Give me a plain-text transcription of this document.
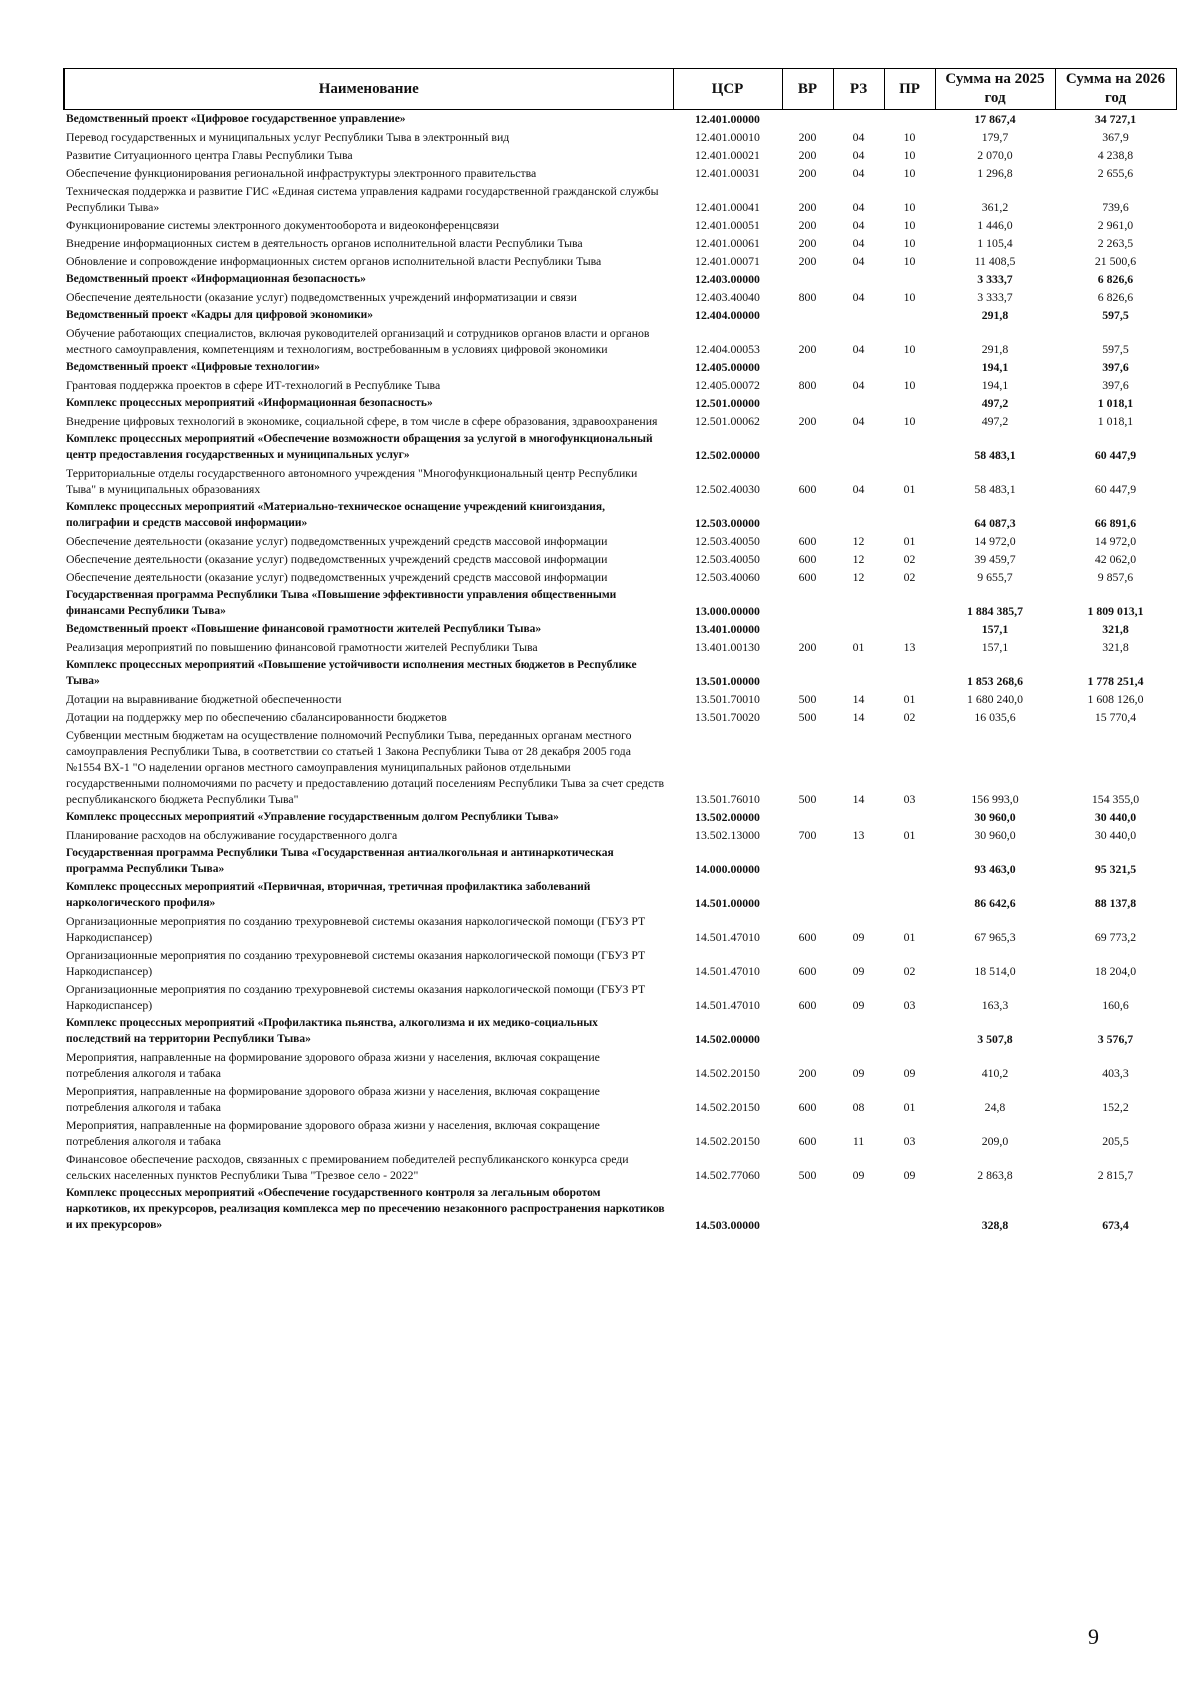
Наименование	ЦСР	ВР	РЗ	ПР	Сумма на 2025 год	Сумма на 2026 год
Ведомственный проект «Цифровое государственное управление»	12.401.00000				17 867,4	34 727,1
Перевод государственных и муниципальных услуг Республики Тыва в электронный вид	12.401.00010	200	04	10	179,7	367,9
Развитие Ситуационного центра Главы Республики Тыва	12.401.00021	200	04	10	2 070,0	4 238,8
Обеспечение функционирования региональной инфраструктуры электронного правительства	12.401.00031	200	04	10	1 296,8	2 655,6
Техническая поддержка и развитие ГИС «Единая система управления кадрами государственной гражданской службы Республики Тыва»	12.401.00041	200	04	10	361,2	739,6
Функционирование системы электронного документооборота и видеоконференцсвязи	12.401.00051	200	04	10	1 446,0	2 961,0
Внедрение информационных систем в деятельность органов исполнительной власти Республики Тыва	12.401.00061	200	04	10	1 105,4	2 263,5
Обновление и сопровождение информационных систем органов исполнительной власти Республики Тыва	12.401.00071	200	04	10	11 408,5	21 500,6
Ведомственный проект «Информационная безопасность»	12.403.00000				3 333,7	6 826,6
Обеспечение деятельности (оказание услуг) подведомственных учреждений информатизации и связи	12.403.40040	800	04	10	3 333,7	6 826,6
Ведомственный проект «Кадры для цифровой экономики»	12.404.00000				291,8	597,5
Обучение работающих специалистов, включая руководителей организаций и сотрудников органов власти и органов местного самоуправления, компетенциям и технологиям, востребованным в условиях цифровой экономики	12.404.00053	200	04	10	291,8	597,5
Ведомственный проект «Цифровые технологии»	12.405.00000				194,1	397,6
Грантовая поддержка проектов в сфере ИТ-технологий в Республике Тыва	12.405.00072	800	04	10	194,1	397,6
Комплекс процессных мероприятий «Информационная безопасность»	12.501.00000				497,2	1 018,1
Внедрение цифровых технологий в экономике, социальной сфере, в том числе в сфере образования, здравоохранения	12.501.00062	200	04	10	497,2	1 018,1
Комплекс процессных мероприятий «Обеспечение возможности обращения за услугой в многофункциональный центр предоставления государственных и муниципальных услуг»	12.502.00000				58 483,1	60 447,9
Территориальные отделы государственного автономного учреждения "Многофункциональный центр Республики Тыва" в муниципальных образованиях	12.502.40030	600	04	01	58 483,1	60 447,9
Комплекс процессных мероприятий «Материально-техническое оснащение учреждений книгоиздания, полиграфии и средств массовой информации»	12.503.00000				64 087,3	66 891,6
Обеспечение деятельности (оказание услуг) подведомственных учреждений средств массовой информации	12.503.40050	600	12	01	14 972,0	14 972,0
Обеспечение деятельности (оказание услуг) подведомственных учреждений средств массовой информации	12.503.40050	600	12	02	39 459,7	42 062,0
Обеспечение деятельности (оказание услуг) подведомственных учреждений средств массовой информации	12.503.40060	600	12	02	9 655,7	9 857,6
Государственная программа Республики Тыва «Повышение эффективности управления общественными финансами Республики Тыва»	13.000.00000				1 884 385,7	1 809 013,1
Ведомственный проект «Повышение финансовой грамотности жителей Республики Тыва»	13.401.00000				157,1	321,8
Реализация мероприятий по повышению финансовой грамотности жителей Республики Тыва	13.401.00130	200	01	13	157,1	321,8
Комплекс процессных мероприятий «Повышение устойчивости исполнения местных бюджетов в Республике Тыва»	13.501.00000				1 853 268,6	1 778 251,4
Дотации на выравнивание бюджетной обеспеченности	13.501.70010	500	14	01	1 680 240,0	1 608 126,0
Дотации на поддержку мер по обеспечению сбалансированности бюджетов	13.501.70020	500	14	02	16 035,6	15 770,4
Субвенции местным бюджетам на осуществление полномочий Республики Тыва, переданных органам местного самоуправления Республики Тыва, в соответствии со статьей 1 Закона Республики Тыва от 28 декабря 2005 года №1554 ВХ-1 "О наделении органов местного самоуправления муниципальных районов отдельными государственными полномочиями по расчету и предоставлению дотаций поселениям Республики Тыва за счет средств республиканского бюджета Республики Тыва"	13.501.76010	500	14	03	156 993,0	154 355,0
Комплекс процессных мероприятий «Управление государственным долгом Республики Тыва»	13.502.00000				30 960,0	30 440,0
Планирование расходов на обслуживание государственного долга	13.502.13000	700	13	01	30 960,0	30 440,0
Государственная программа Республики Тыва «Государственная антиалкогольная и антинаркотическая программа Республики Тыва»	14.000.00000				93 463,0	95 321,5
Комплекс процессных мероприятий «Первичная, вторичная, третичная профилактика заболеваний наркологического профиля»	14.501.00000				86 642,6	88 137,8
Организационные мероприятия по созданию трехуровневой системы оказания наркологической помощи (ГБУЗ РТ Наркодиспансер)	14.501.47010	600	09	01	67 965,3	69 773,2
Организационные мероприятия по созданию трехуровневой системы оказания наркологической помощи (ГБУЗ РТ Наркодиспансер)	14.501.47010	600	09	02	18 514,0	18 204,0
Организационные мероприятия по созданию трехуровневой системы оказания наркологической помощи (ГБУЗ РТ Наркодиспансер)	14.501.47010	600	09	03	163,3	160,6
Комплекс процессных мероприятий «Профилактика пьянства, алкоголизма и их медико-социальных последствий на территории Республики Тыва»	14.502.00000				3 507,8	3 576,7
Мероприятия, направленные на формирование здорового образа жизни у населения, включая сокращение потребления алкоголя и табака	14.502.20150	200	09	09	410,2	403,3
Мероприятия, направленные на формирование здорового образа жизни у населения, включая сокращение потребления алкоголя и табака	14.502.20150	600	08	01	24,8	152,2
Мероприятия, направленные на формирование здорового образа жизни у населения, включая сокращение потребления алкоголя и табака	14.502.20150	600	11	03	209,0	205,5
Финансовое обеспечение расходов, связанных с премированием победителей республиканского конкурса среди сельских населенных пунктов Республики Тыва "Трезвое село - 2022"	14.502.77060	500	09	09	2 863,8	2 815,7
Комплекс процессных мероприятий «Обеспечение государственного контроля за легальным оборотом наркотиков, их прекурсоров, реализация комплекса мер по пресечению незаконного распространения наркотиков и их прекурсоров»	14.503.00000				328,8	673,4
9
